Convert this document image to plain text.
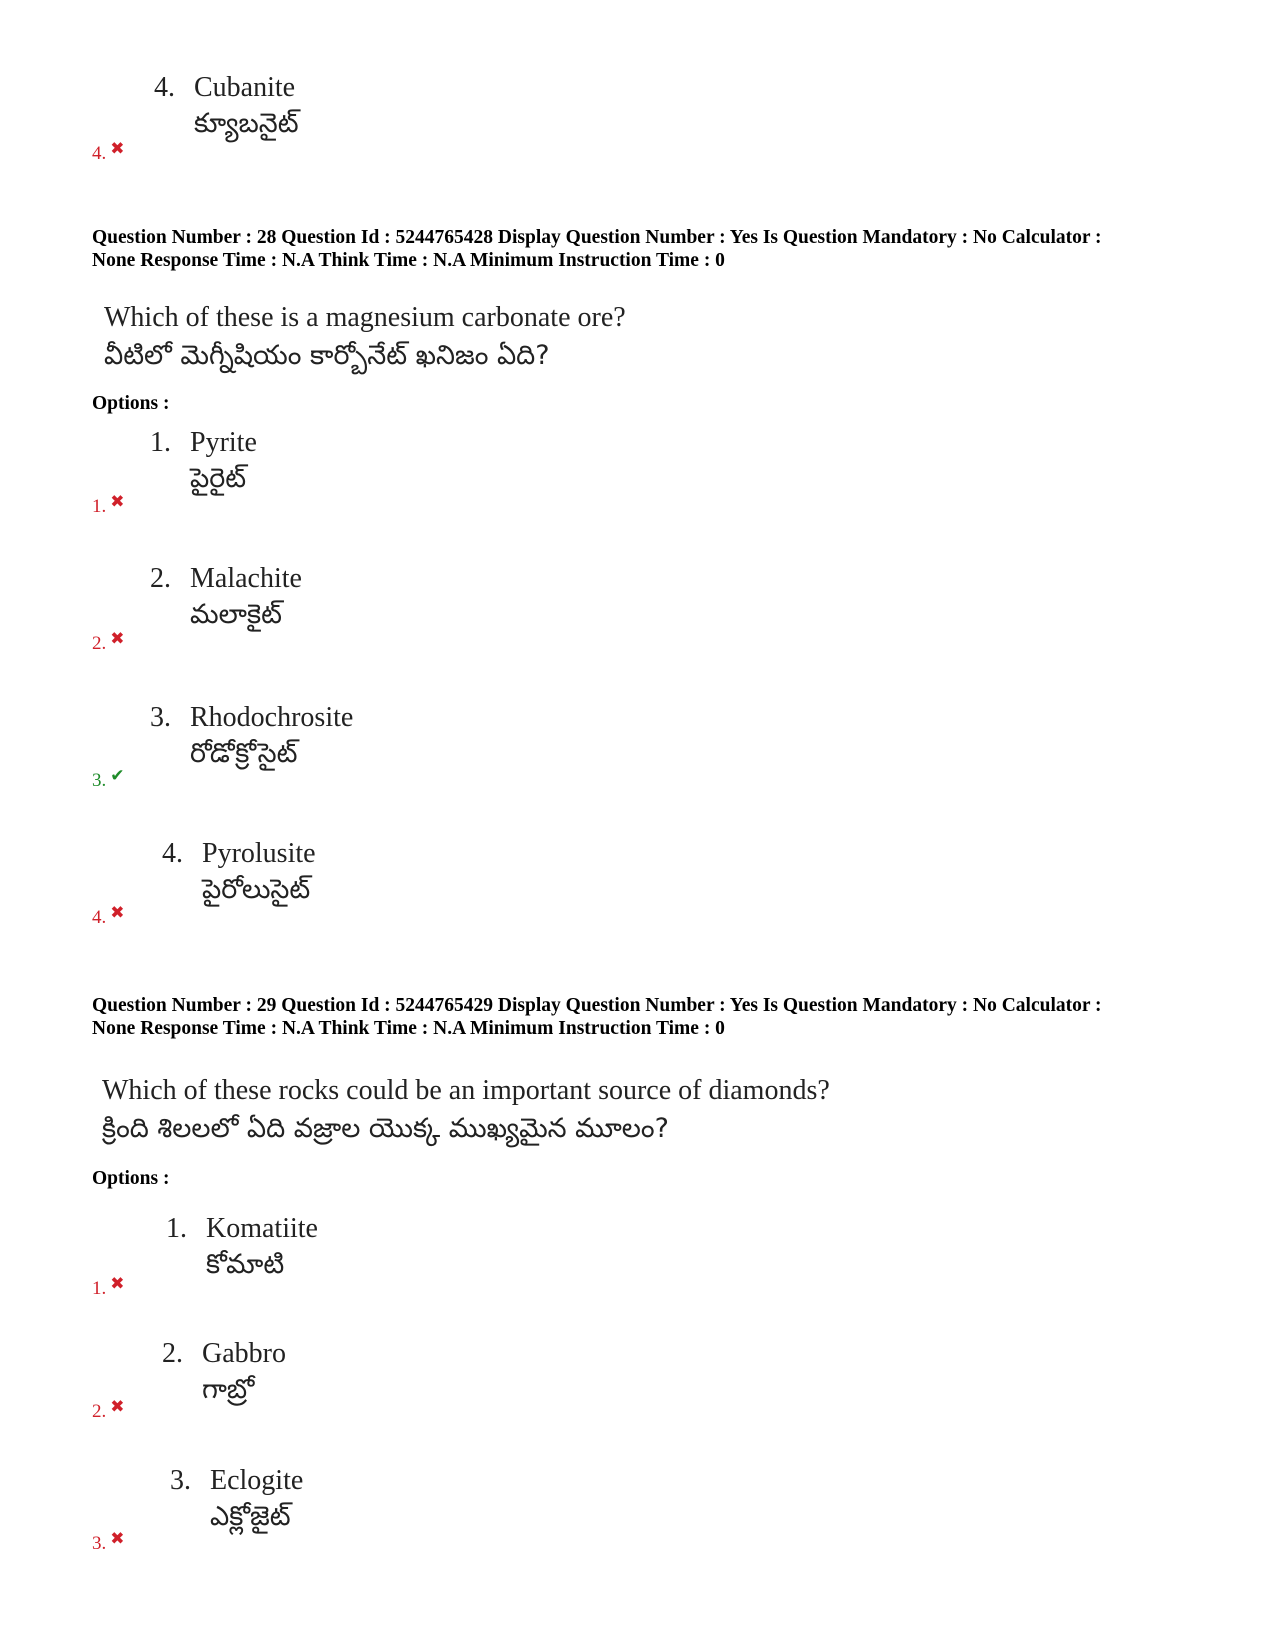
4. Cubanite
క్యూబనైట్
4. ✖
Question Number : 28 Question Id : 5244765428 Display Question Number : Yes Is Question Mandatory : No Calculator :
None Response Time : N.A Think Time : N.A Minimum Instruction Time : 0
Which of these is a magnesium carbonate ore?
వీటిలో మెగ్నీషియం కార్బోనేట్ ఖనిజం ఏది?
Options :
1. Pyrite
పైరైట్
1. ✖
2. Malachite
మలాకైట్
2. ✖
3. Rhodochrosite
రోడోక్రోసైట్
3. ✔
4. Pyrolusite
పైరోలుసైట్
4. ✖
Question Number : 29 Question Id : 5244765429 Display Question Number : Yes Is Question Mandatory : No Calculator :
None Response Time : N.A Think Time : N.A Minimum Instruction Time : 0
Which of these rocks could be an important source of diamonds?
క్రింది శిలలలో ఏది వజ్రాల యొక్క ముఖ్యమైన మూలం?
Options :
1. Komatiite
కోమాటి
1. ✖
2. Gabbro
గాబ్రో
2. ✖
3. Eclogite
ఎక్లోజైట్
3. ✖
